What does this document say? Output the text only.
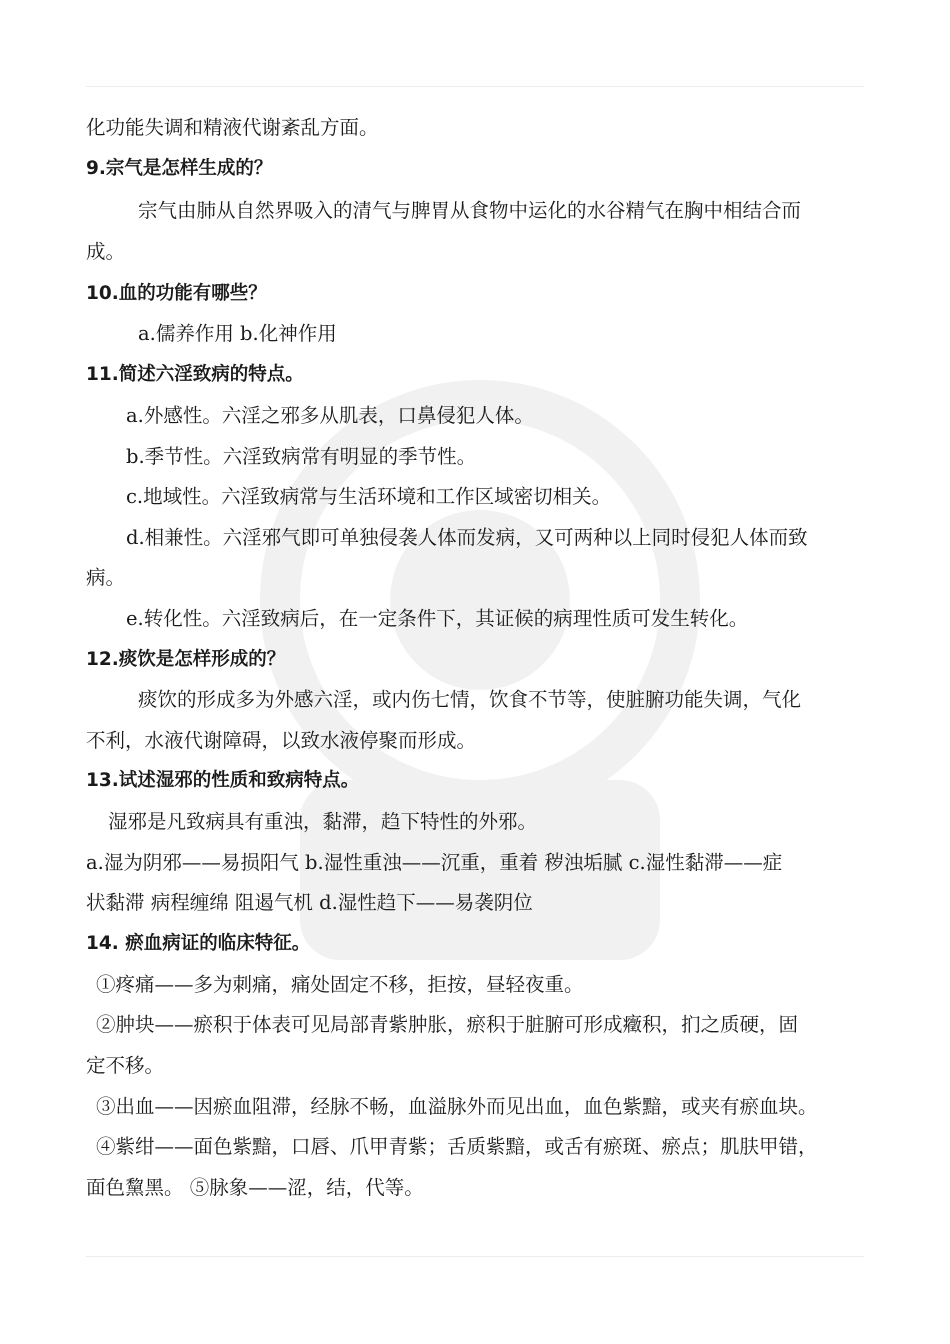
化功能失调和精液代谢紊乱方面。
9.宗气是怎样生成的？
宗气由肺从自然界吸入的清气与脾胃从食物中运化的水谷精气在胸中相结合而
成。
10.血的功能有哪些？
a.儒养作用 b.化神作用
11.简述六淫致病的特点。
a.外感性。六淫之邪多从肌表，口鼻侵犯人体。
b.季节性。六淫致病常有明显的季节性。
c.地域性。六淫致病常与生活环境和工作区域密切相关。
d.相兼性。六淫邪气即可单独侵袭人体而发病，又可两种以上同时侵犯人体而致
病。
e.转化性。六淫致病后，在一定条件下，其证候的病理性质可发生转化。
12.痰饮是怎样形成的？
痰饮的形成多为外感六淫，或内伤七情，饮食不节等，使脏腑功能失调，气化
不利，水液代谢障碍，以致水液停聚而形成。
13.试述湿邪的性质和致病特点。
湿邪是凡致病具有重浊，黏滞，趋下特性的外邪。
a.湿为阴邪——易损阳气 b.湿性重浊——沉重，重着 秽浊垢腻 c.湿性黏滞——症
状黏滞 病程缠绵 阻遏气机 d.湿性趋下——易袭阴位
14. 瘀血病证的临床特征。
①疼痛——多为刺痛，痛处固定不移，拒按，昼轻夜重。
②肿块——瘀积于体表可见局部青紫肿胀，瘀积于脏腑可形成癥积，扪之质硬，固
定不移。
③出血——因瘀血阻滞，经脉不畅，血溢脉外而见出血，血色紫黯，或夹有瘀血块。
④紫绀——面色紫黯，口唇、爪甲青紫；舌质紫黯，或舌有瘀斑、瘀点；肌肤甲错，
面色黧黑。 ⑤脉象——涩，结，代等。
